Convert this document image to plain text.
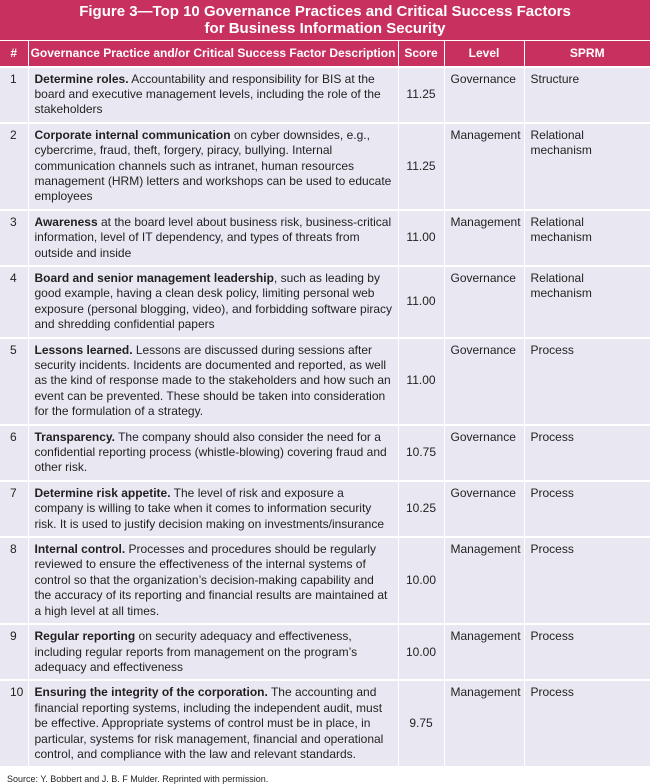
Figure 3—Top 10 Governance Practices and Critical Success Factors
for Business Information Security
#	Governance Practice and/or Critical Success Factor Description	Score	Level	SPRM
1	Determine roles. Accountability and responsibility for BIS at the board and executive management levels, including the role of the stakeholders	11.25	Governance	Structure
2	Corporate internal communication on cyber downsides, e.g., cybercrime, fraud, theft, forgery, piracy, bullying. Internal communication channels such as intranet, human resources management (HRM) letters and workshops can be used to educate employees	11.25	Management	Relational mechanism
3	Awareness at the board level about business risk, business-critical information, level of IT dependency, and types of threats from outside and inside	11.00	Management	Relational mechanism
4	Board and senior management leadership, such as leading by good example, having a clean desk policy, limiting personal web exposure (personal blogging, video), and forbidding software piracy and shredding confidential papers	11.00	Governance	Relational mechanism
5	Lessons learned. Lessons are discussed during sessions after security incidents. Incidents are documented and reported, as well as the kind of response made to the stakeholders and how such an event can be prevented. These should be taken into consideration for the formulation of a strategy.	11.00	Governance	Process
6	Transparency. The company should also consider the need for a confidential reporting process (whistle-blowing) covering fraud and other risk.	10.75	Governance	Process
7	Determine risk appetite. The level of risk and exposure a company is willing to take when it comes to information security risk. It is used to justify decision making on investments/insurance	10.25	Governance	Process
8	Internal control. Processes and procedures should be regularly reviewed to ensure the effectiveness of the internal systems of control so that the organization’s decision-making capability and the accuracy of its reporting and financial results are maintained at a high level at all times.	10.00	Management	Process
9	Regular reporting on security adequacy and effectiveness, including regular reports from management on the program’s adequacy and effectiveness	10.00	Management	Process
10	Ensuring the integrity of the corporation. The accounting and financial reporting systems, including the independent audit, must be effective. Appropriate systems of control must be in place, in particular, systems for risk management, financial and operational control, and compliance with the law and relevant standards.	9.75	Management	Process
Source: Y. Bobbert and J. B. F Mulder. Reprinted with permission.
